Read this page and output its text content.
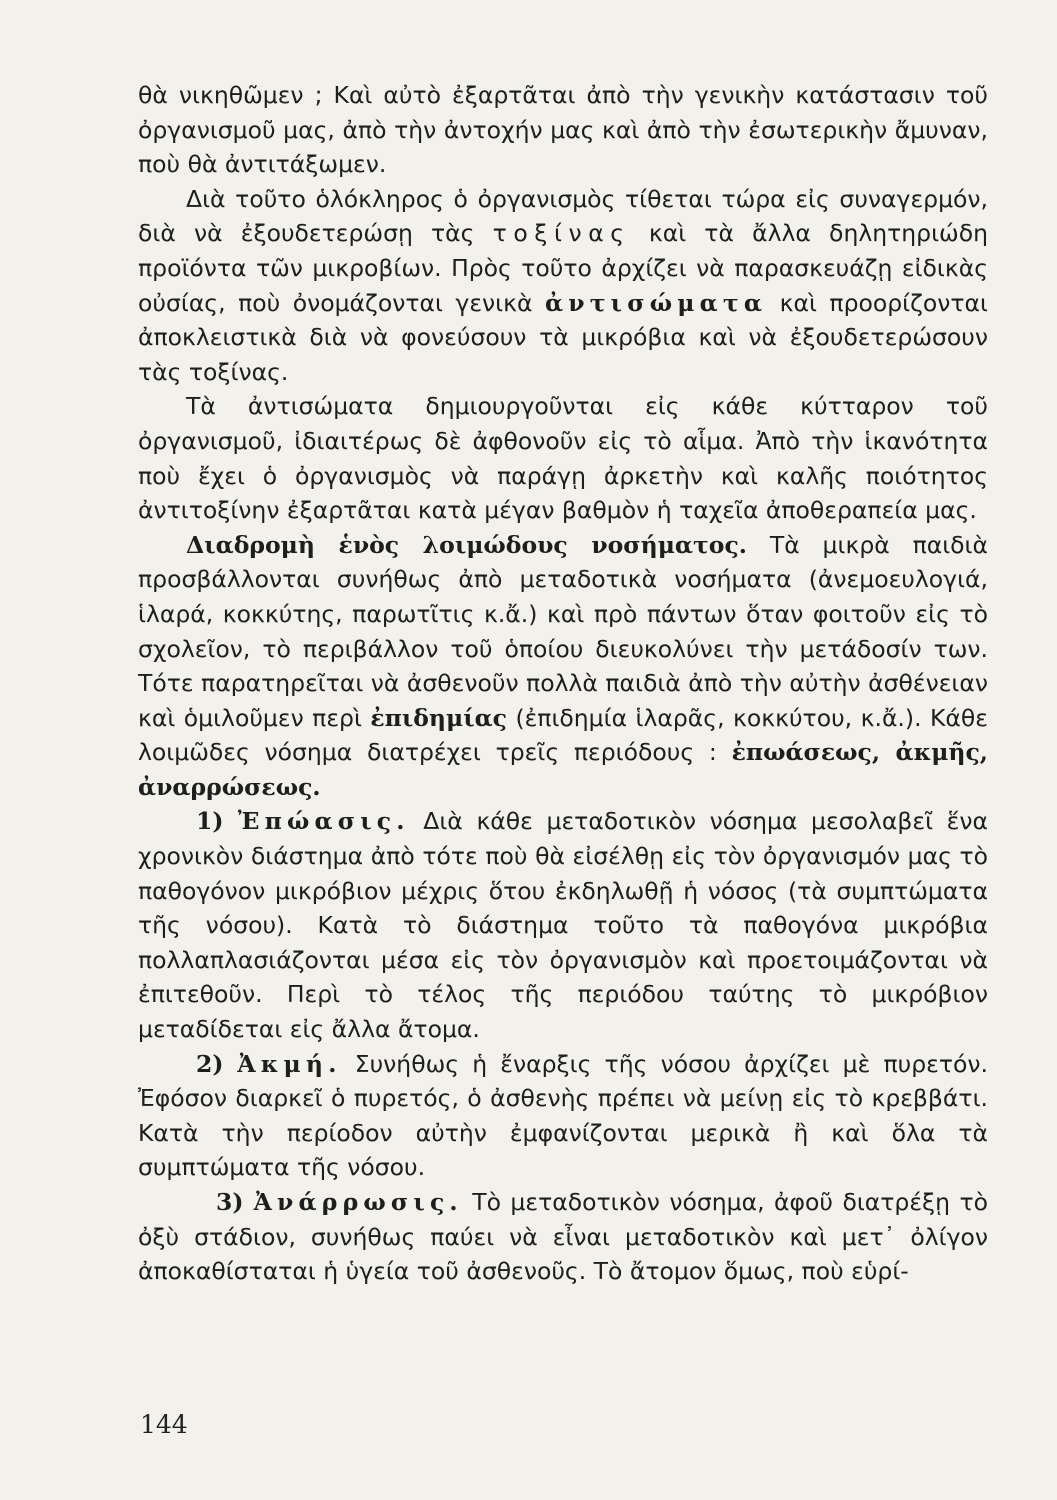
θὰ νικηθῶμεν ; Καὶ αὐτὸ ἐξαρτᾶται ἀπὸ τὴν γενικὴν κατάστασιν τοῦ ὀργανισμοῦ μας, ἀπὸ τὴν ἀντοχήν μας καὶ ἀπὸ τὴν ἐσωτερικὴν ἄμυναν, ποὺ θὰ ἀντιτάξωμεν.

Διὰ τοῦτο ὁλόκληρος ὁ ὀργανισμὸς τίθεται τώρα εἰς συναγερμόν, διὰ νὰ ἐξουδετερώσῃ τὰς τοξίνας καὶ τὰ ἄλλα δηλητηριώδη προϊόντα τῶν μικροβίων. Πρὸς τοῦτο ἀρχίζει νὰ παρασκευάζῃ εἰδικὰς οὐσίας, ποὺ ὀνομάζονται γενικὰ ἀντισώματα καὶ προορίζονται ἀποκλειστικὰ διὰ νὰ φονεύσουν τὰ μικρόβια καὶ νὰ ἐξουδετερώσουν τὰς τοξίνας.

Τὰ ἀντισώματα δημιουργοῦνται εἰς κάθε κύτταρον τοῦ ὀργανισμοῦ, ἰδιαιτέρως δὲ ἀφθονοῦν εἰς τὸ αἷμα. Ἀπὸ τὴν ἱκανότητα ποὺ ἔχει ὁ ὀργανισμὸς νὰ παράγῃ ἀρκετὴν καὶ καλῆς ποιότητος ἀντιτοξίνην ἐξαρτᾶται κατὰ μέγαν βαθμὸν ἡ ταχεῖα ἀποθεραπεία μας.

Διαδρομὴ ἑνὸς λοιμώδους νοσήματος. Τὰ μικρὰ παιδιὰ προσβάλλονται συνήθως ἀπὸ μεταδοτικὰ νοσήματα (ἀνεμοευλογιά, ἱλαρά, κοκκύτης, παρωτῖτις κ.ἄ.) καὶ πρὸ πάντων ὅταν φοιτοῦν εἰς τὸ σχολεῖον, τὸ περιβάλλον τοῦ ὁποίου διευκολύνει τὴν μετάδοσίν των. Τότε παρατηρεῖται νὰ ἀσθενοῦν πολλὰ παιδιὰ ἀπὸ τὴν αὐτὴν ἀσθένειαν καὶ ὁμιλοῦμεν περὶ ἐπιδημίας (ἐπιδημία ἱλαρᾶς, κοκκύτου, κ.ἄ.). Κάθε λοιμῶδες νόσημα διατρέχει τρεῖς περιόδους : ἐπωάσεως, ἀκμῆς, ἀναρρώσεως.

1) Ἐπώασις. Διὰ κάθε μεταδοτικὸν νόσημα μεσολαβεῖ ἕνα χρονικὸν διάστημα ἀπὸ τότε ποὺ θὰ εἰσέλθῃ εἰς τὸν ὀργανισμόν μας τὸ παθογόνον μικρόβιον μέχρις ὅτου ἐκδηλωθῇ ἡ νόσος (τὰ συμπτώματα τῆς νόσου). Κατὰ τὸ διάστημα τοῦτο τὰ παθογόνα μικρόβια πολλαπλασιάζονται μέσα εἰς τὸν ὀργανισμὸν καὶ προετοιμάζονται νὰ ἐπιτεθοῦν. Περὶ τὸ τέλος τῆς περιόδου ταύτης τὸ μικρόβιον μεταδίδεται εἰς ἄλλα ἄτομα.

2) Ἀκμή. Συνήθως ἡ ἔναρξις τῆς νόσου ἀρχίζει μὲ πυρετόν. Ἐφόσον διαρκεῖ ὁ πυρετός, ὁ ἀσθενὴς πρέπει νὰ μείνῃ εἰς τὸ κρεββάτι. Κατὰ τὴν περίοδον αὐτὴν ἐμφανίζονται μερικὰ ἢ καὶ ὅλα τὰ συμπτώματα τῆς νόσου.

3) Ἀνάρρωσις. Τὸ μεταδοτικὸν νόσημα, ἀφοῦ διατρέξῃ τὸ ὀξὺ στάδιον, συνήθως παύει νὰ εἶναι μεταδοτικὸν καὶ μετ᾽ ὀλίγον ἀποκαθίσταται ἡ ὑγεία τοῦ ἀσθενοῦς. Τὸ ἄτομον ὅμως, ποὺ εὑρί-

144
